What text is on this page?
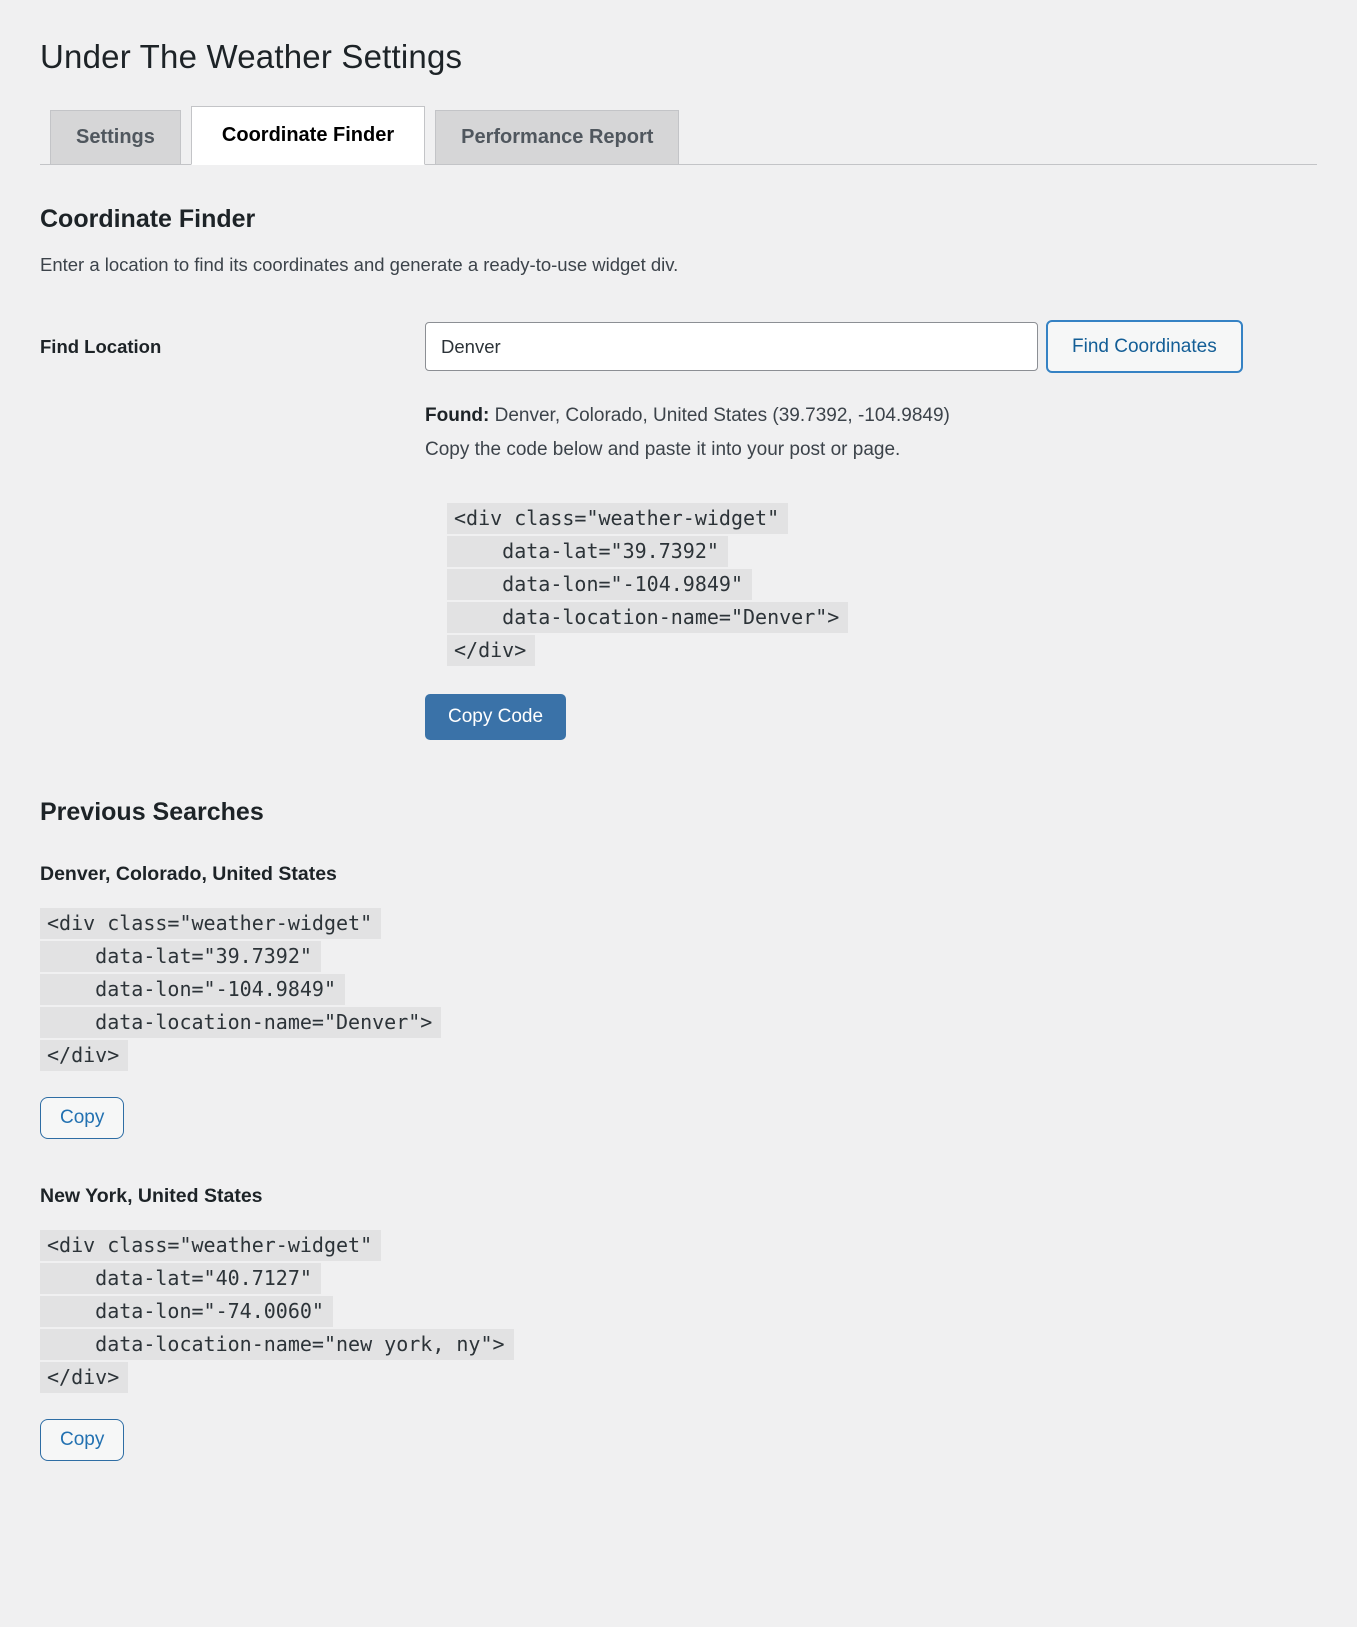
Under The Weather Settings
Settings	Coordinate Finder	Performance Report
Coordinate Finder

Enter a location to find its coordinates and generate a ready-to-use widget div.

Find Location
Denver	Find Coordinates

Found: Denver, Colorado, United States (39.7392, -104.9849)

Copy the code below and paste it into your post or page.

<div class="weather-widget"
data-lat="39.7392"
data-lon="-104.9849"
data-location-name="Denver">
</div>
Copy Code
Previous Searches
Denver, Colorado, United States
<div class="weather-widget"
data-lat="39.7392"
data-lon="-104.9849"
data-location-name="Denver">
</div>
Copy
New York, United States
<div class="weather-widget"
data-lat="40.7127"
data-lon="-74.0060"
data-location-name="new york, ny">
</div>
Copy
